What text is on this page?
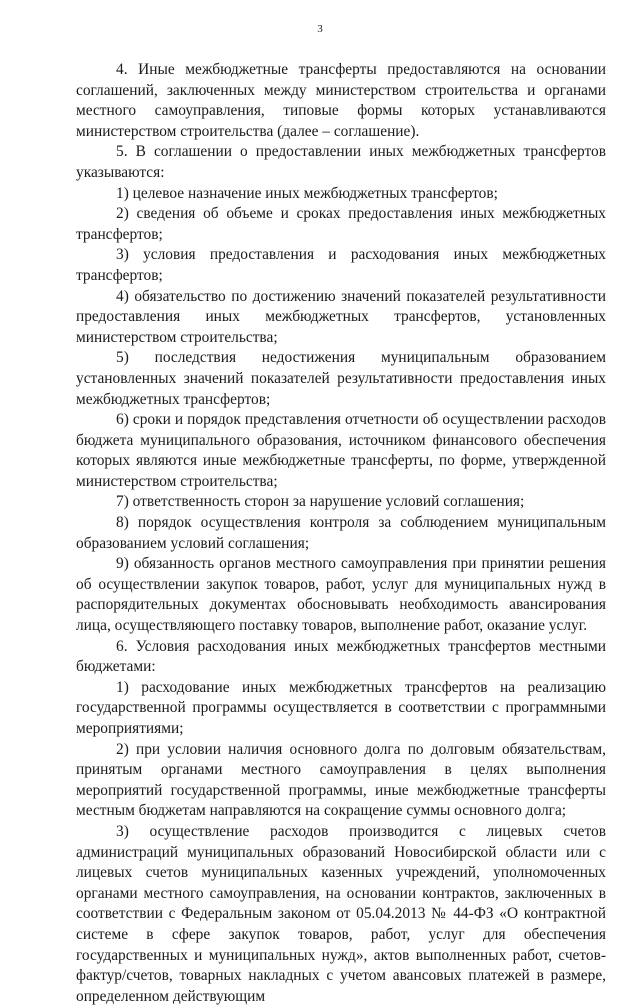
3

4. Иные межбюджетные трансферты предоставляются на основании соглашений, заключенных между министерством строительства и органами местного самоуправления, типовые формы которых устанавливаются министерством строительства (далее – соглашение).

5. В соглашении о предоставлении иных межбюджетных трансфертов указываются:

1) целевое назначение иных межбюджетных трансфертов;

2) сведения об объеме и сроках предоставления иных межбюджетных трансфертов;

3) условия предоставления и расходования иных межбюджетных трансфертов;

4) обязательство по достижению значений показателей результативности предоставления иных межбюджетных трансфертов, установленных министерством строительства;

5) последствия недостижения муниципальным образованием установленных значений показателей результативности предоставления иных межбюджетных трансфертов;

6) сроки и порядок представления отчетности об осуществлении расходов бюджета муниципального образования, источником финансового обеспечения которых являются иные межбюджетные трансферты, по форме, утвержденной министерством строительства;

7) ответственность сторон за нарушение условий соглашения;

8) порядок осуществления контроля за соблюдением муниципальным образованием условий соглашения;

9) обязанность органов местного самоуправления при принятии решения об осуществлении закупок товаров, работ, услуг для муниципальных нужд в распорядительных документах обосновывать необходимость авансирования лица, осуществляющего поставку товаров, выполнение работ, оказание услуг.

6. Условия расходования иных межбюджетных трансфертов местными бюджетами:

1) расходование иных межбюджетных трансфертов на реализацию государственной программы осуществляется в соответствии с программными мероприятиями;

2) при условии наличия основного долга по долговым обязательствам, принятым органами местного самоуправления в целях выполнения мероприятий государственной программы, иные межбюджетные трансферты местным бюджетам направляются на сокращение суммы основного долга;

3) осуществление расходов производится с лицевых счетов администраций муниципальных образований Новосибирской области или с лицевых счетов муниципальных казенных учреждений, уполномоченных органами местного самоуправления, на основании контрактов, заключенных в соответствии с Федеральным законом от 05.04.2013 № 44-ФЗ «О контрактной системе в сфере закупок товаров, работ, услуг для обеспечения государственных и муниципальных нужд», актов выполненных работ, счетов-фактур/счетов, товарных накладных с учетом авансовых платежей в размере, определенном действующим
